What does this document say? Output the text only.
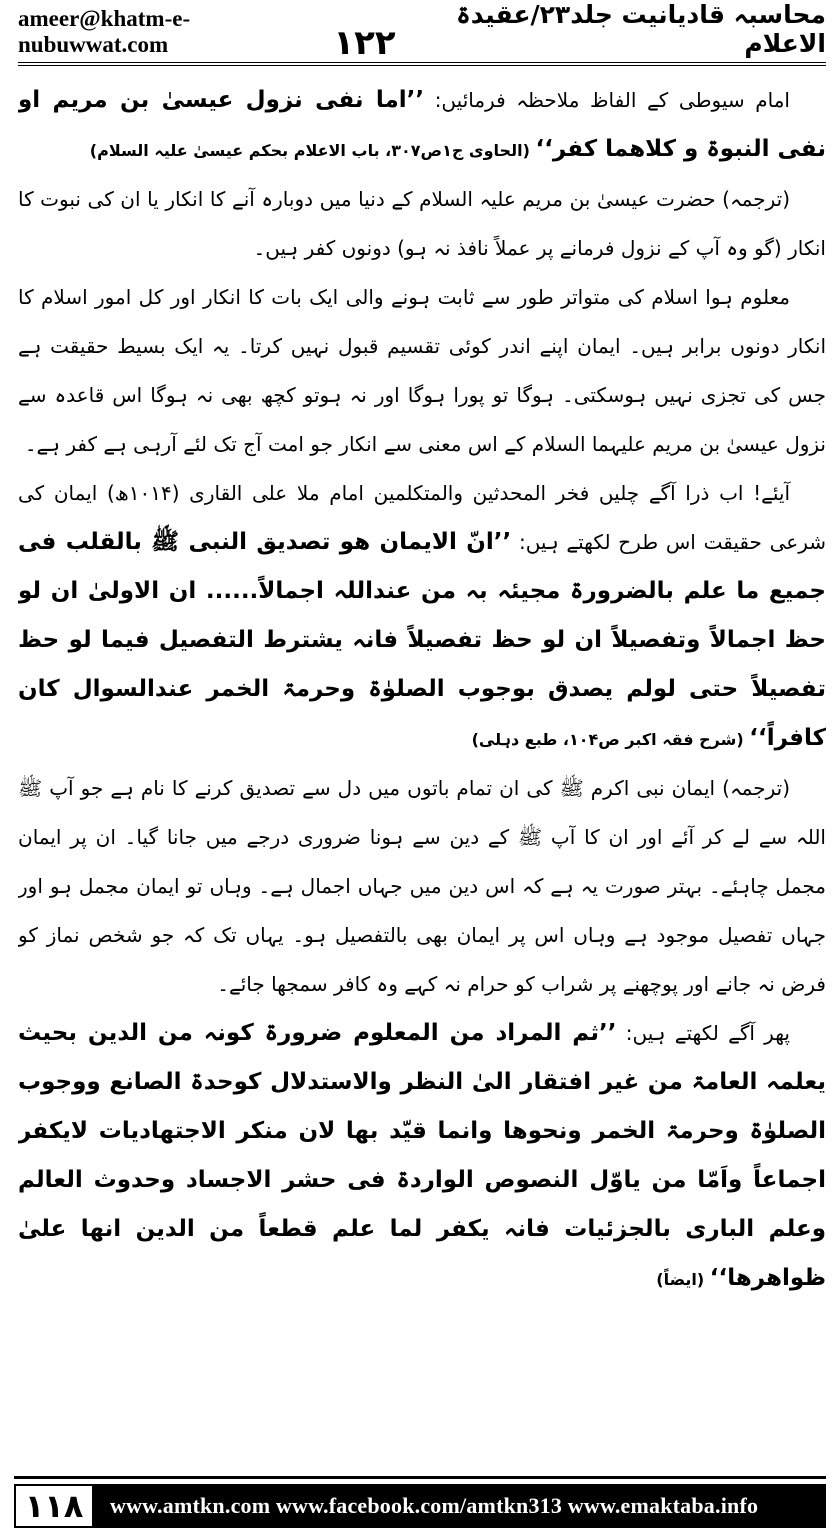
ameer@khatm-e-nubuwwat.com	۱۲۲
محاسبہ قادیانیت جلد۲۳/عقیدۃ الاعلام

امام سیوطی کے الفاظ ملاحظہ فرمائیں: ’’اما نفی نزول عیسیٰ بن مریم او نفی النبوۃ و کلاھما کفر‘‘ (الحاوی ج۱ص۳۰۷، باب الاعلام بحکم عیسیٰ علیہ السلام)

(ترجمہ) حضرت عیسیٰ بن مریم علیہ السلام کے دنیا میں دوبارہ آنے کا انکار یا ان کی نبوت کا انکار (گو وہ آپ کے نزول فرمانے پر عملاً نافذ نہ ہو) دونوں کفر ہیں۔

معلوم ہوا اسلام کی متواتر طور سے ثابت ہونے والی ایک بات کا انکار اور کل امور اسلام کا انکار دونوں برابر ہیں۔ ایمان اپنے اندر کوئی تقسیم قبول نہیں کرتا۔ یہ ایک بسیط حقیقت ہے جس کی تجزی نہیں ہوسکتی۔ ہوگا تو پورا ہوگا اور نہ ہوتو کچھ بھی نہ ہوگا اس قاعدہ سے نزول عیسیٰ بن مریم علیہما السلام کے اس معنی سے انکار جو امت آج تک لئے آرہی ہے کفر ہے۔

آیئے! اب ذرا آگے چلیں فخر المحدثین والمتکلمین امام ملا علی القاری (۱۰۱۴ھ) ایمان کی شرعی حقیقت اس طرح لکھتے ہیں: ’’انّ الایمان ھو تصدیق النبی ﷺ بالقلب فی جمیع ما علم بالضرورۃ مجیئہ بہ من عنداللہ اجمالاً...... ان الاولیٰ ان لو حظ اجمالاً وتفصیلاً ان لو حظ تفصیلاً فانہ یشترط التفصیل فیما لو حظ تفصیلاً حتی لولم یصدق بوجوب الصلوٰۃ وحرمۃ الخمر عندالسوال کان کافراً‘‘ (شرح فقہ اکبر ص۱۰۴، طبع دہلی)

(ترجمہ) ایمان نبی اکرم ﷺ کی ان تمام باتوں میں دل سے تصدیق کرنے کا نام ہے جو آپ ﷺ اللہ سے لے کر آئے اور ان کا آپ ﷺ کے دین سے ہونا ضروری درجے میں جانا گیا۔ ان پر ایمان مجمل چاہئے۔ بہتر صورت یہ ہے کہ اس دین میں جہاں اجمال ہے۔ وہاں تو ایمان مجمل ہو اور جہاں تفصیل موجود ہے وہاں اس پر ایمان بھی بالتفصیل ہو۔ یہاں تک کہ جو شخص نماز کو فرض نہ جانے اور پوچھنے پر شراب کو حرام نہ کہے وہ کافر سمجھا جائے۔

پھر آگے لکھتے ہیں: ’’ثم المراد من المعلوم ضرورۃ کونہ من الدین بحیث یعلمہ العامۃ من غیر افتقار الیٰ النظر والاستدلال کوحدۃ الصانع ووجوب الصلوٰۃ وحرمۃ الخمر ونحوھا وانما قیّد بھا لان منکر الاجتھادیات لایکفر اجماعاً واَمّا من یاوّل النصوص الواردۃ فی حشر الاجساد وحدوث العالم وعلم الباری بالجزئیات فانہ یکفر لما علم قطعاً من الدین انھا علیٰ ظواھرھا‘‘ (ایضاً)

۱۱۸	www.amtkn.com www.facebook.com/amtkn313 www.emaktaba.info
